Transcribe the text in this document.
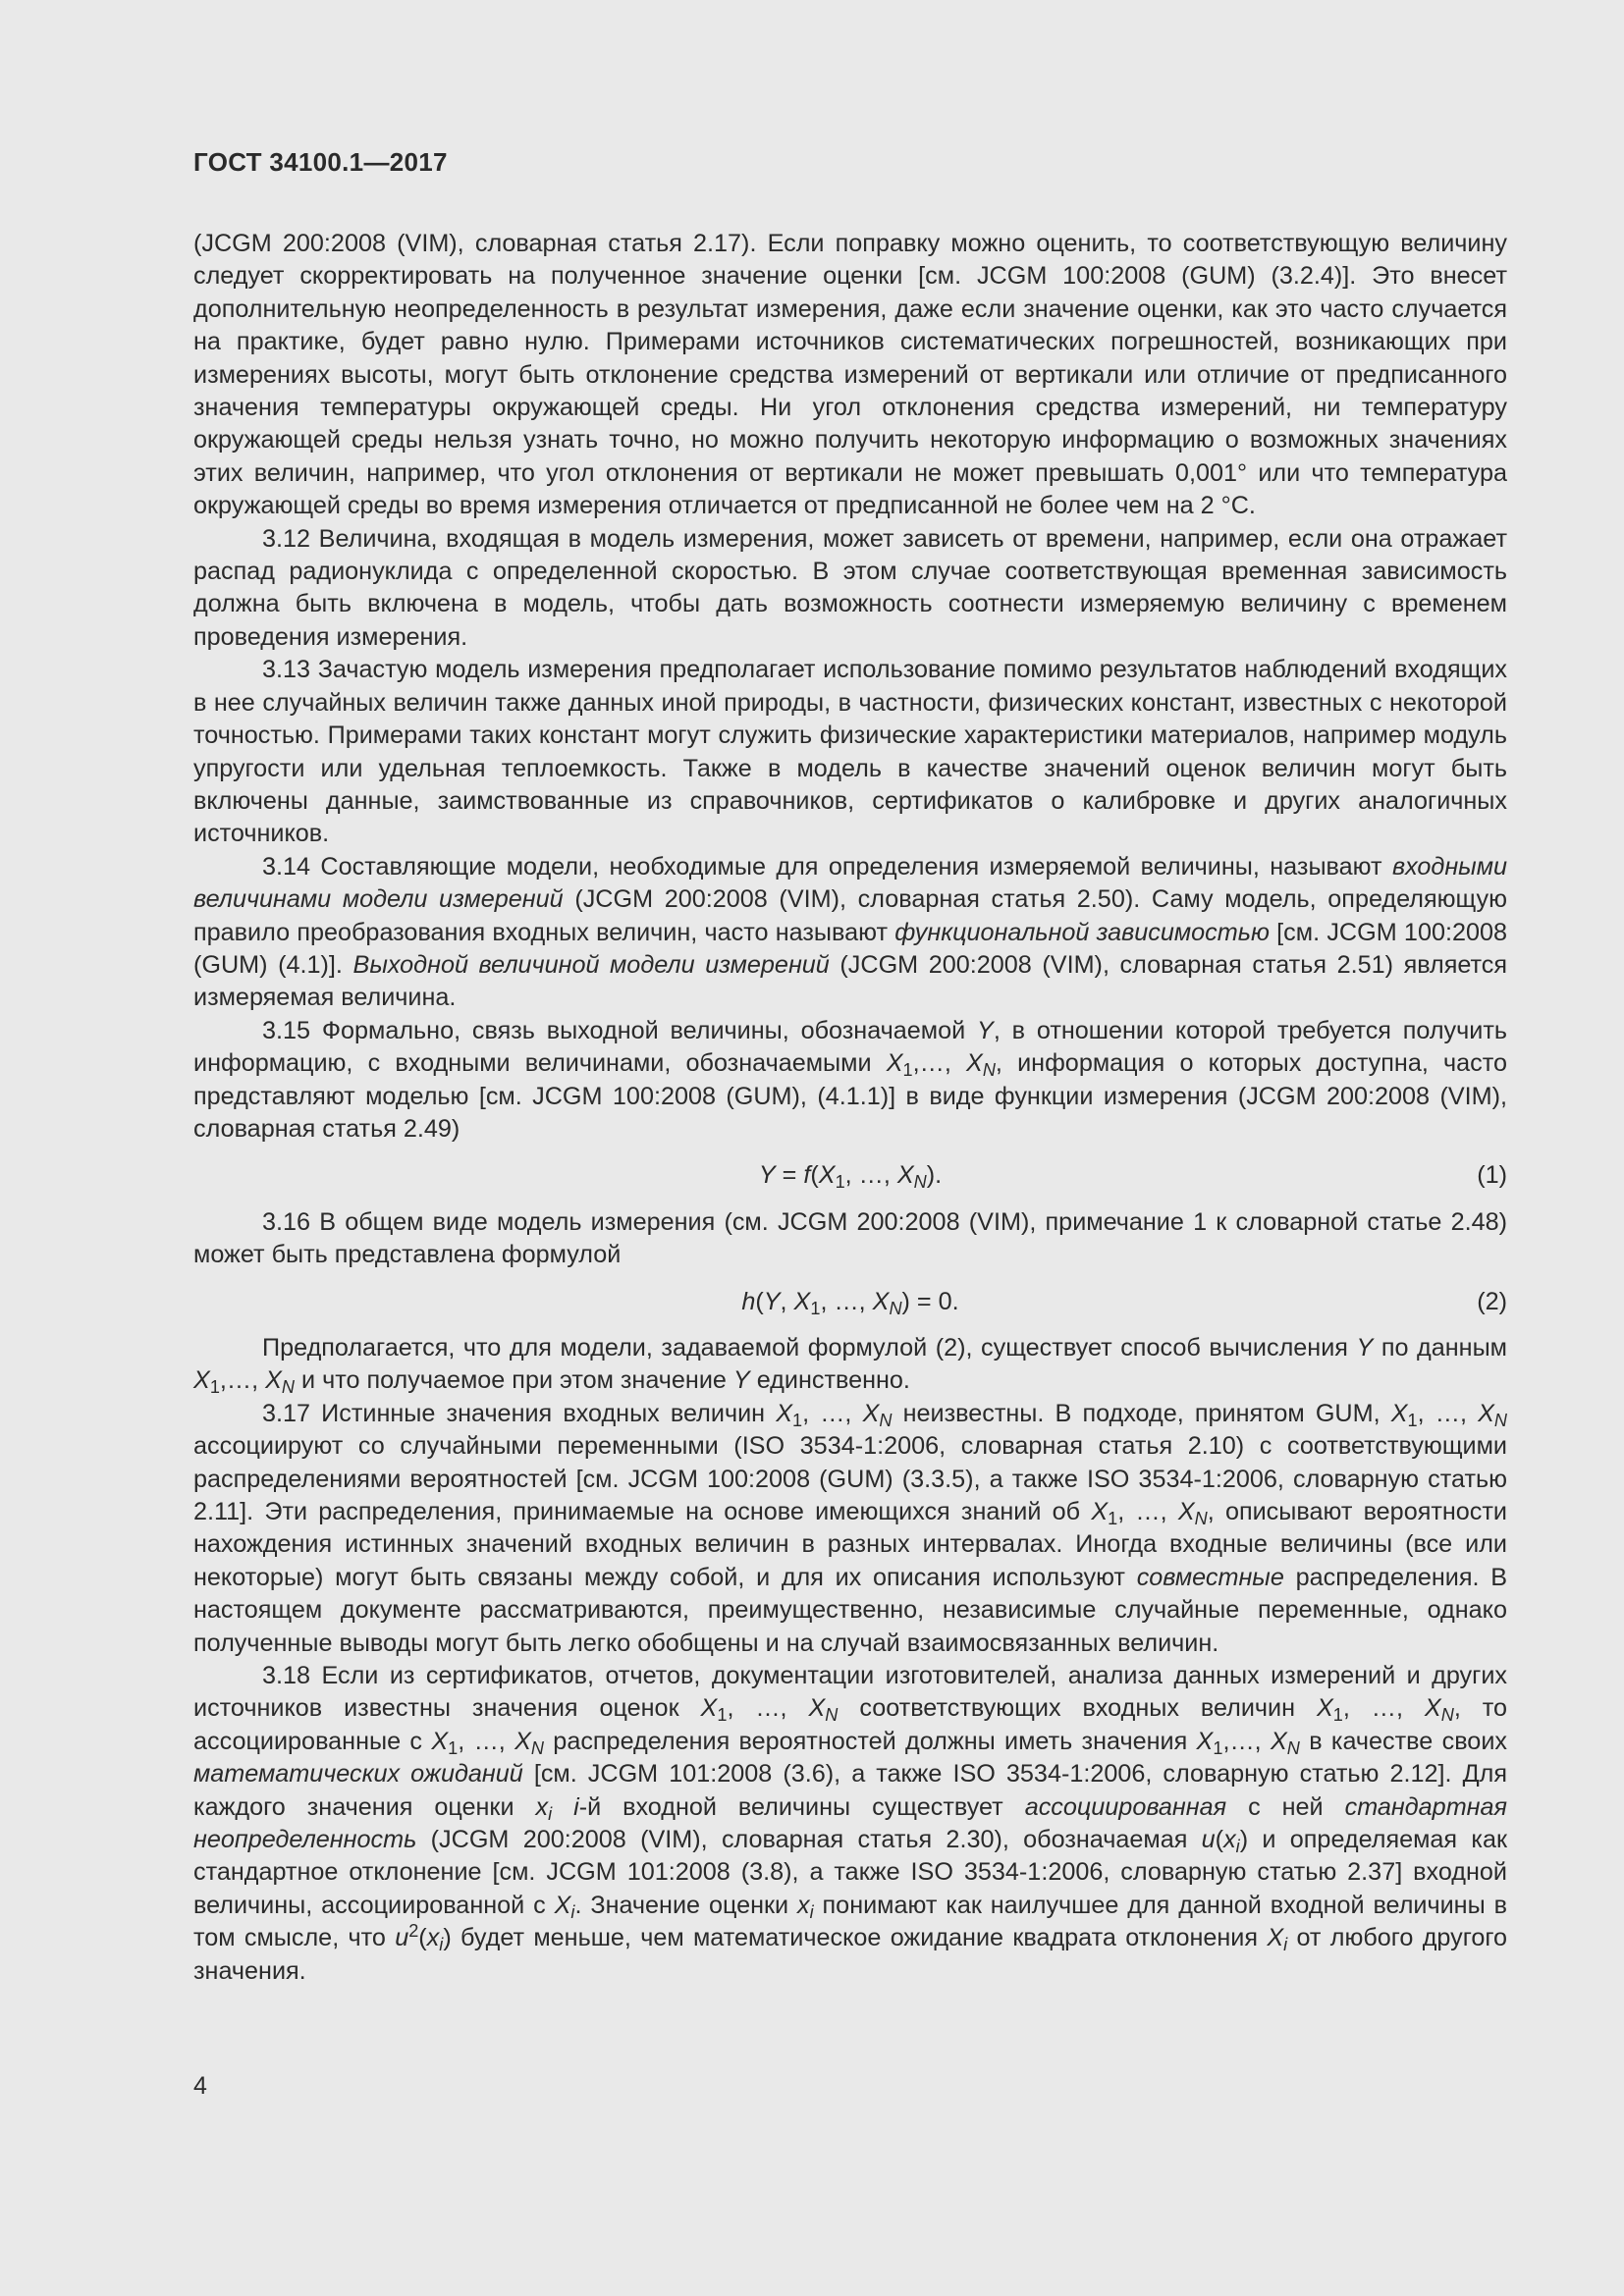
ГОСТ 34100.1—2017

(JCGM 200:2008 (VIM), словарная статья 2.17). Если поправку можно оценить, то соответствующую величину следует скорректировать на полученное значение оценки [см. JCGM 100:2008 (GUM) (3.2.4)]. Это внесет дополнительную неопределенность в результат измерения, даже если значение оценки, как это часто случается на практике, будет равно нулю. Примерами источников систематических погрешностей, возникающих при измерениях высоты, могут быть отклонение средства измерений от вертикали или отличие от предписанного значения температуры окружающей среды. Ни угол отклонения средства измерений, ни температуру окружающей среды нельзя узнать точно, но можно получить некоторую информацию о возможных значениях этих величин, например, что угол отклонения от вертикали не может превышать 0,001° или что температура окружающей среды во время измерения отличается от предписанной не более чем на 2 °С.

3.12 Величина, входящая в модель измерения, может зависеть от времени, например, если она отражает распад радионуклида с определенной скоростью. В этом случае соответствующая временная зависимость должна быть включена в модель, чтобы дать возможность соотнести измеряемую величину с временем проведения измерения.

3.13 Зачастую модель измерения предполагает использование помимо результатов наблюдений входящих в нее случайных величин также данных иной природы, в частности, физических констант, известных с некоторой точностью. Примерами таких констант могут служить физические характеристики материалов, например модуль упругости или удельная теплоемкость. Также в модель в качестве значений оценок величин могут быть включены данные, заимствованные из справочников, сертификатов о калибровке и других аналогичных источников.

3.14 Составляющие модели, необходимые для определения измеряемой величины, называют входными величинами модели измерений (JCGM 200:2008 (VIM), словарная статья 2.50). Саму модель, определяющую правило преобразования входных величин, часто называют функциональной зависимостью [см. JCGM 100:2008 (GUM) (4.1)]. Выходной величиной модели измерений (JCGM 200:2008 (VIM), словарная статья 2.51) является измеряемая величина.

3.15 Формально, связь выходной величины, обозначаемой Y, в отношении которой требуется получить информацию, с входными величинами, обозначаемыми $X_1,\dots$, $X_N$, информация о которых доступна, часто представляют моделью [см. JCGM 100:2008 (GUM), (4.1.1)] в виде функции измерения (JCGM 200:2008 (VIM), словарная статья 2.49)

$Y = f(X_1$, …, $X_N$).	(1)

3.16 В общем виде модель измерения (см. JCGM 200:2008 (VIM), примечание 1 к словарной статье 2.48) может быть представлена формулой

h(Y, $X_1$, …, $X_N) = 0$.	(2)

Предполагается, что для модели, задаваемой формулой (2), существует способ вычисления Y по данным $X_1,\dots$, $X_N$ и что получаемое при этом значение Y единственно.

3.17 Истинные значения входных величин $X_1$, …, $X_N$ неизвестны. В подходе, принятом GUM, $X_1$, …, $X_N$ ассоциируют со случайными переменными (ISO 3534-1:2006, словарная статья 2.10) с соответствующими распределениями вероятностей [см. JCGM 100:2008 (GUM) (3.3.5), а также ISO 3534-1:2006, словарную статью 2.11]. Эти распределения, принимаемые на основе имеющихся знаний об $X_1$, …, $X_N$, описывают вероятности нахождения истинных значений входных величин в разных интервалах. Иногда входные величины (все или некоторые) могут быть связаны между собой, и для их описания используют совместные распределения. В настоящем документе рассматриваются, преимущественно, независимые случайные переменные, однако полученные выводы могут быть легко обобщены и на случай взаимосвязанных величин.

3.18 Если из сертификатов, отчетов, документации изготовителей, анализа данных измерений и других источников известны значения оценок $X_1$, …, $X_N$ соответствующих входных величин $X_1$, …, $X_N$, то ассоциированные с $X_1$, …, $X_N$ распределения вероятностей должны иметь значения $X_1,\dots$, $X_N$ в качестве своих математических ожиданий [см. JCGM 101:2008 (3.6), а также ISO 3534-1:2006, словарную статью 2.12]. Для каждого значения оценки $x_i$ i-й входной величины существует ассоциированная с ней стандартная неопределенность (JCGM 200:2008 (VIM), словарная статья 2.30), обозначаемая $u(x_i)$ и определяемая как стандартное отклонение [см. JCGM 101:2008 (3.8), а также ISO 3534-1:2006, словарную статью 2.37] входной величины, ассоциированной с $X_i$. Значение оценки $x_i$ понимают как наилучшее для данной входной величины в том смысле, что $u^2(x_i)$ будет меньше, чем математическое ожидание квадрата отклонения $X_i$ от любого другого значения.

4
